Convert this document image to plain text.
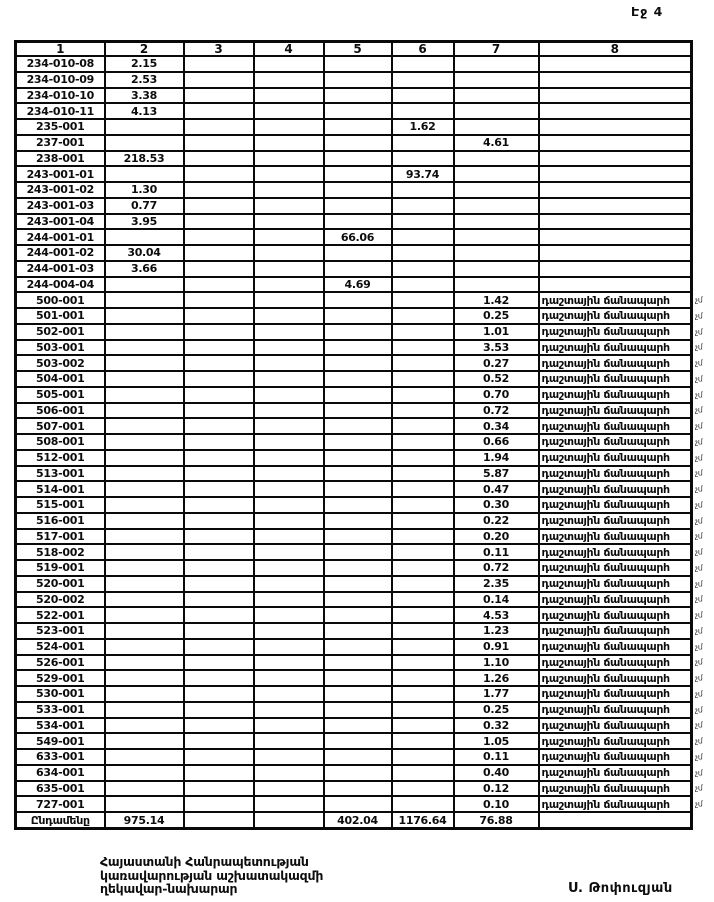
Էջ 4
1	2	3	4	5	6	7	8
234-010-08	2.15						
234-010-09	2.53						
234-010-10	3.38						
234-010-11	4.13						
235-001					1.62		
237-001						4.61	
238-001	218.53						
243-001-01					93.74		
243-001-02	1.30						
243-001-03	0.77						
243-001-04	3.95						
244-001-01				66.06			
244-001-02	30.04						
244-001-03	3.66						
244-004-04				4.69			
500-001						1.42	դաշտային ճանապարհ չմ

501-001						0.25	դաշտային ճանապարհ չմ

502-001						1.01	դաշտային ճանապարհ չմ

503-001						3.53	դաշտային ճանապարհ չմ

503-002						0.27	դաշտային ճանապարհ չմ

504-001						0.52	դաշտային ճանապարհ չմ

505-001						0.70	դաշտային ճանապարհ չմ

506-001						0.72	դաշտային ճանապարհ չմ

507-001						0.34	դաշտային ճանապարհ չմ

508-001						0.66	դաշտային ճանապարհ չմ

512-001						1.94	դաշտային ճանապարհ չմ

513-001						5.87	դաշտային ճանապարհ չմ

514-001						0.47	դաշտային ճանապարհ չմ

515-001						0.30	դաշտային ճանապարհ չմ

516-001						0.22	դաշտային ճանապարհ չմ

517-001						0.20	դաշտային ճանապարհ չմ

518-002						0.11	դաշտային ճանապարհ չմ

519-001						0.72	դաշտային ճանապարհ չմ

520-001						2.35	դաշտային ճանապարհ չմ

520-002						0.14	դաշտային ճանապարհ չմ

522-001						4.53	դաշտային ճանապարհ չմ

523-001						1.23	դաշտային ճանապարհ չմ

524-001						0.91	դաշտային ճանապարհ չմ

526-001						1.10	դաշտային ճանապարհ չմ

529-001						1.26	դաշտային ճանապարհ չմ

530-001						1.77	դաշտային ճանապարհ չմ

533-001						0.25	դաշտային ճանապարհ չմ

534-001						0.32	դաշտային ճանապարհ չմ

549-001						1.05	դաշտային ճանապարհ չմ

633-001						0.11	դաշտային ճանապարհ չմ

634-001						0.40	դաշտային ճանապարհ չմ

635-001						0.12	դաշտային ճանապարհ չմ

727-001						0.10	դաշտային ճանապարհ չմ

Ընդամենը	975.14			402.04	1176.64	76.88	
Հայաստանի Հանրապետության
կառավարության աշխատակազմի
ղեկավար-նախարար	Ս. Թոփուզյան
